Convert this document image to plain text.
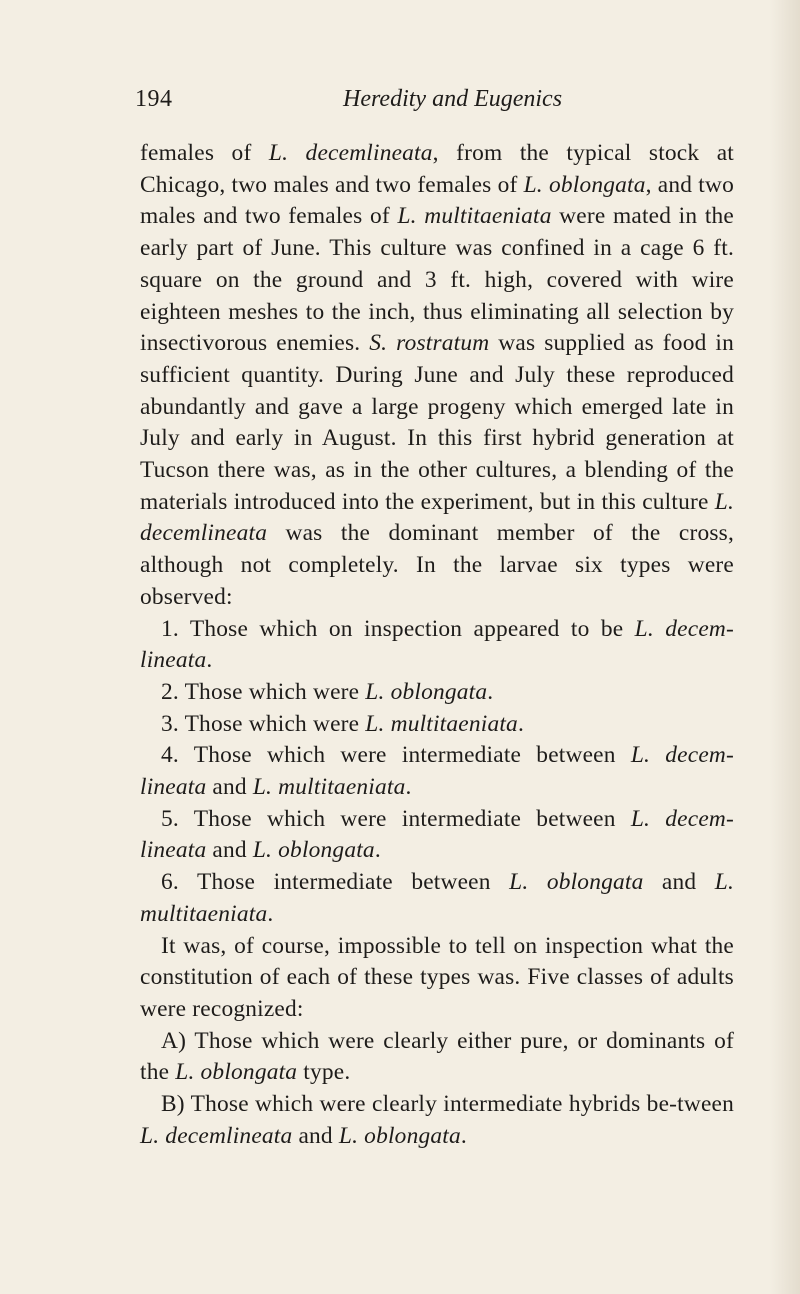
194	Heredity and Eugenics

females of L. decemlineata, from the typical stock at Chicago, two males and two females of L. oblongata, and two males and two females of L. multitaeniata were mated in the early part of June. This culture was confined in a cage 6 ft. square on the ground and 3 ft. high, covered with wire eighteen meshes to the inch, thus eliminating all selection by insectivorous enemies. S. rostratum was supplied as food in sufficient quantity. During June and July these reproduced abundantly and gave a large progeny which emerged late in July and early in August. In this first hybrid generation at Tucson there was, as in the other cultures, a blending of the materials introduced into the experiment, but in this culture L. decemlineata was the dominant member of the cross, although not completely. In the larvae six types were observed:

1. Those which on inspection appeared to be L. decem-lineata.

2. Those which were L. oblongata.

3. Those which were L. multitaeniata.

4. Those which were intermediate between L. decem-lineata and L. multitaeniata.

5. Those which were intermediate between L. decem-lineata and L. oblongata.

6. Those intermediate between L. oblongata and L. multitaeniata.

It was, of course, impossible to tell on inspection what the constitution of each of these types was. Five classes of adults were recognized:

A) Those which were clearly either pure, or dominants of the L. oblongata type.

B) Those which were clearly intermediate hybrids be-tween L. decemlineata and L. oblongata.
